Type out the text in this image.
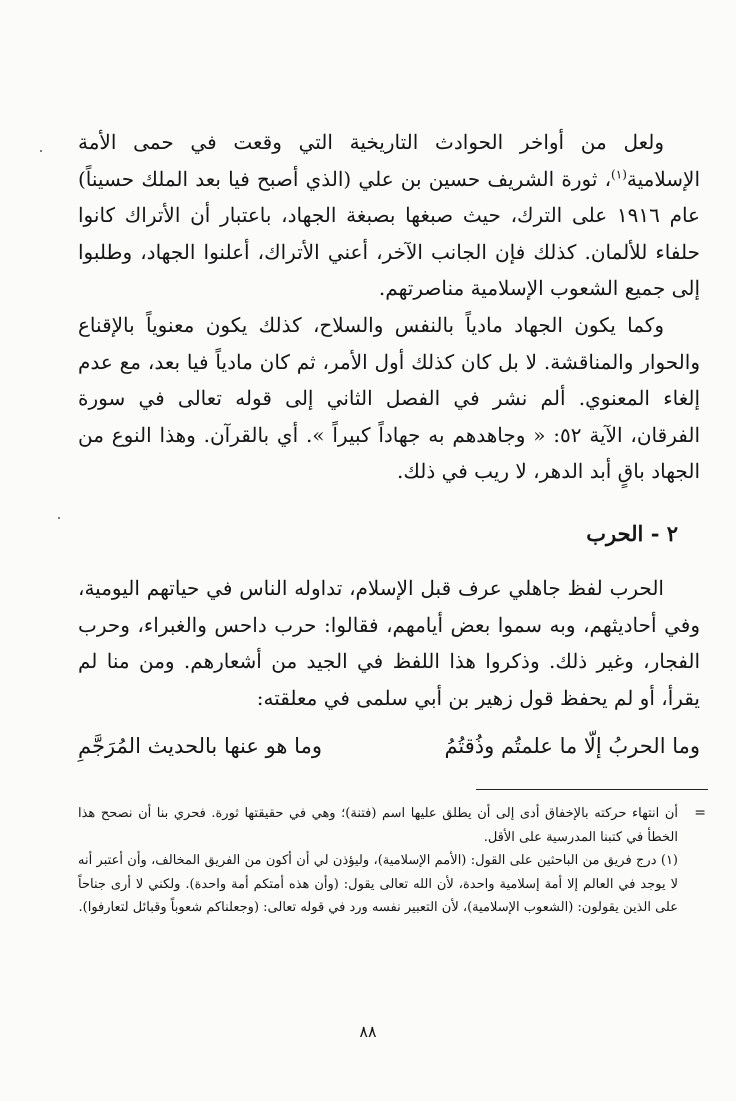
ولعل من أواخر الحوادث التاريخية التي وقعت في حمى الأمة الإسلامية$^{(١)}$، ثورة الشريف حسين بن علي (الذي أصبح فيا بعد الملك حسيناً) عام ١٩١٦ على الترك، حيث صبغها بصبغة الجهاد، باعتبار أن الأتراك كانوا حلفاء للألمان. كذلك فإن الجانب الآخر، أعني الأتراك، أعلنوا الجهاد، وطلبوا إلى جميع الشعوب الإسلامية مناصرتهم.

وكما يكون الجهاد مادياً بالنفس والسلاح، كذلك يكون معنوياً بالإقناع والحوار والمناقشة. لا بل كان كذلك أول الأمر، ثم كان مادياً فيا بعد، مع عدم إلغاء المعنوي. ألم نشر في الفصل الثاني إلى قوله تعالى في سورة الفرقان، الآية ٥٢: « وجاهدهم به جهاداً كبيراً ». أي بالقرآن. وهذا النوع من الجهاد باقٍ أبد الدهر، لا ريب في ذلك.

٢ - الحرب

الحرب لفظ جاهلي عرف قبل الإسلام، تداوله الناس في حياتهم اليومية، وفي أحاديثهم، وبه سموا بعض أيامهم، فقالوا: حرب داحس والغبراء، وحرب الفجار، وغير ذلك. وذكروا هذا اللفظ في الجيد من أشعارهم. ومن منا لم يقرأ، أو لم يحفظ قول زهير بن أبي سلمى في معلقته:

وما الحربُ إلّا ما علمتُم وذُقتُمُ
وما هو عنها بالحديث المُرَجَّمِ

=
أن انتهاء حركته بالإخفاق أدى إلى أن يطلق عليها اسم (فتنة)؛ وهي في حقيقتها ثورة. فحري بنا أن نصحح هذا الخطأ في كتبنا المدرسية على الأقل.

(١) درج فريق من الباحثين على القول: (الأمم الإسلامية)، وليؤذن لي أن أكون من الفريق المخالف، وأن أعتبر أنه لا يوجد في العالم إلا أمة إسلامية واحدة، لأن الله تعالى يقول: (وأن هذه أمتكم أمة واحدة). ولكني لا أرى جناحاً على الذين يقولون: (الشعوب الإسلامية)، لأن التعبير نفسه ورد في قوله تعالى: (وجعلناكم شعوباً وقبائل لتعارفوا).

٨٨
